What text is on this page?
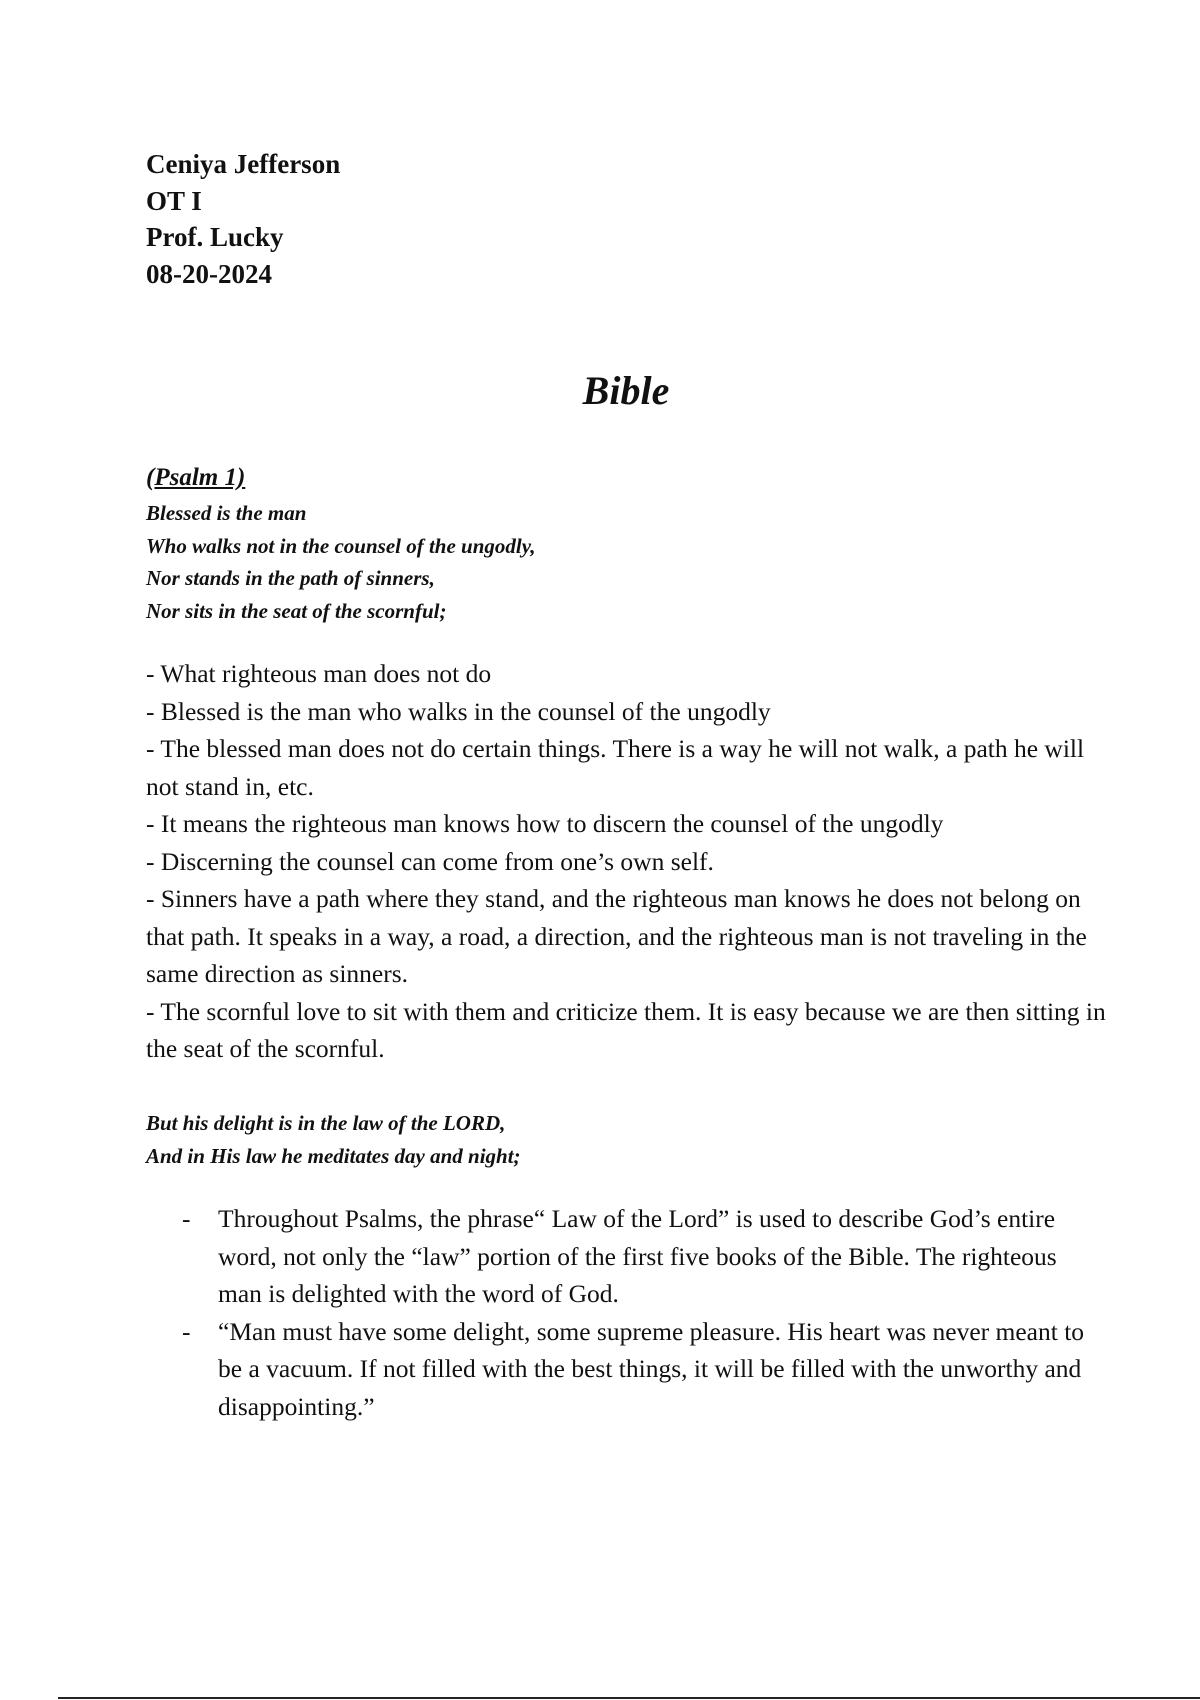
Ceniya Jefferson
OT I
Prof. Lucky
08-20-2024
Bible
(Psalm 1)
Blessed is the man
Who walks not in the counsel of the ungodly,
Nor stands in the path of sinners,
Nor sits in the seat of the scornful;
- What righteous man does not do
- Blessed is the man who walks in the counsel of the ungodly
- The blessed man does not do certain things. There is a way he will not walk, a path he will not stand in, etc.
- It means the righteous man knows how to discern the counsel of the ungodly
- Discerning the counsel can come from one’s own self.
- Sinners have a path where they stand, and the righteous man knows he does not belong on that path. It speaks in a way, a road, a direction, and the righteous man is not traveling in the same direction as sinners.
- The scornful love to sit with them and criticize them. It is easy because we are then sitting in the seat of the scornful.
But his delight is in the law of the LORD,
And in His law he meditates day and night;
- Throughout Psalms, the phrase“ Law of the Lord” is used to describe God’s entire word, not only the “law” portion of the first five books of the Bible. The righteous man is delighted with the word of God.
- “Man must have some delight, some supreme pleasure. His heart was never meant to be a vacuum. If not filled with the best things, it will be filled with the unworthy and disappointing.”
